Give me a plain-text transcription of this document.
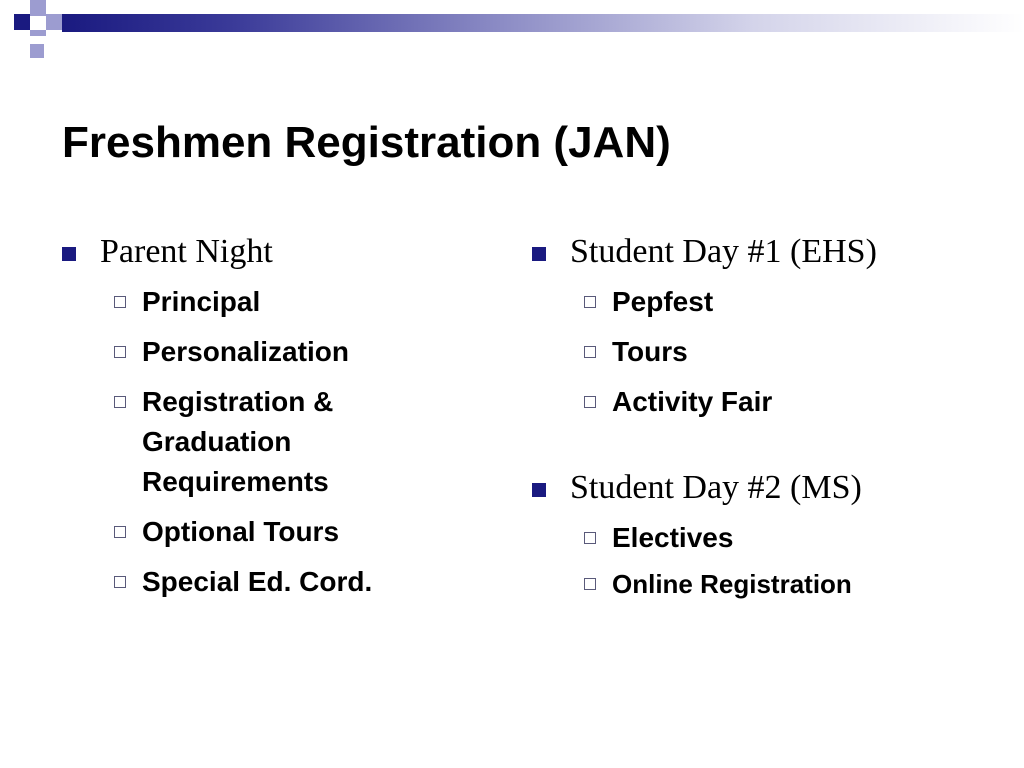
Freshmen Registration (JAN)
Parent Night
Principal
Personalization
Registration & Graduation Requirements
Optional Tours
Special Ed. Cord.
Student Day #1 (EHS)
Pepfest
Tours
Activity Fair
Student Day #2 (MS)
Electives
Online Registration
